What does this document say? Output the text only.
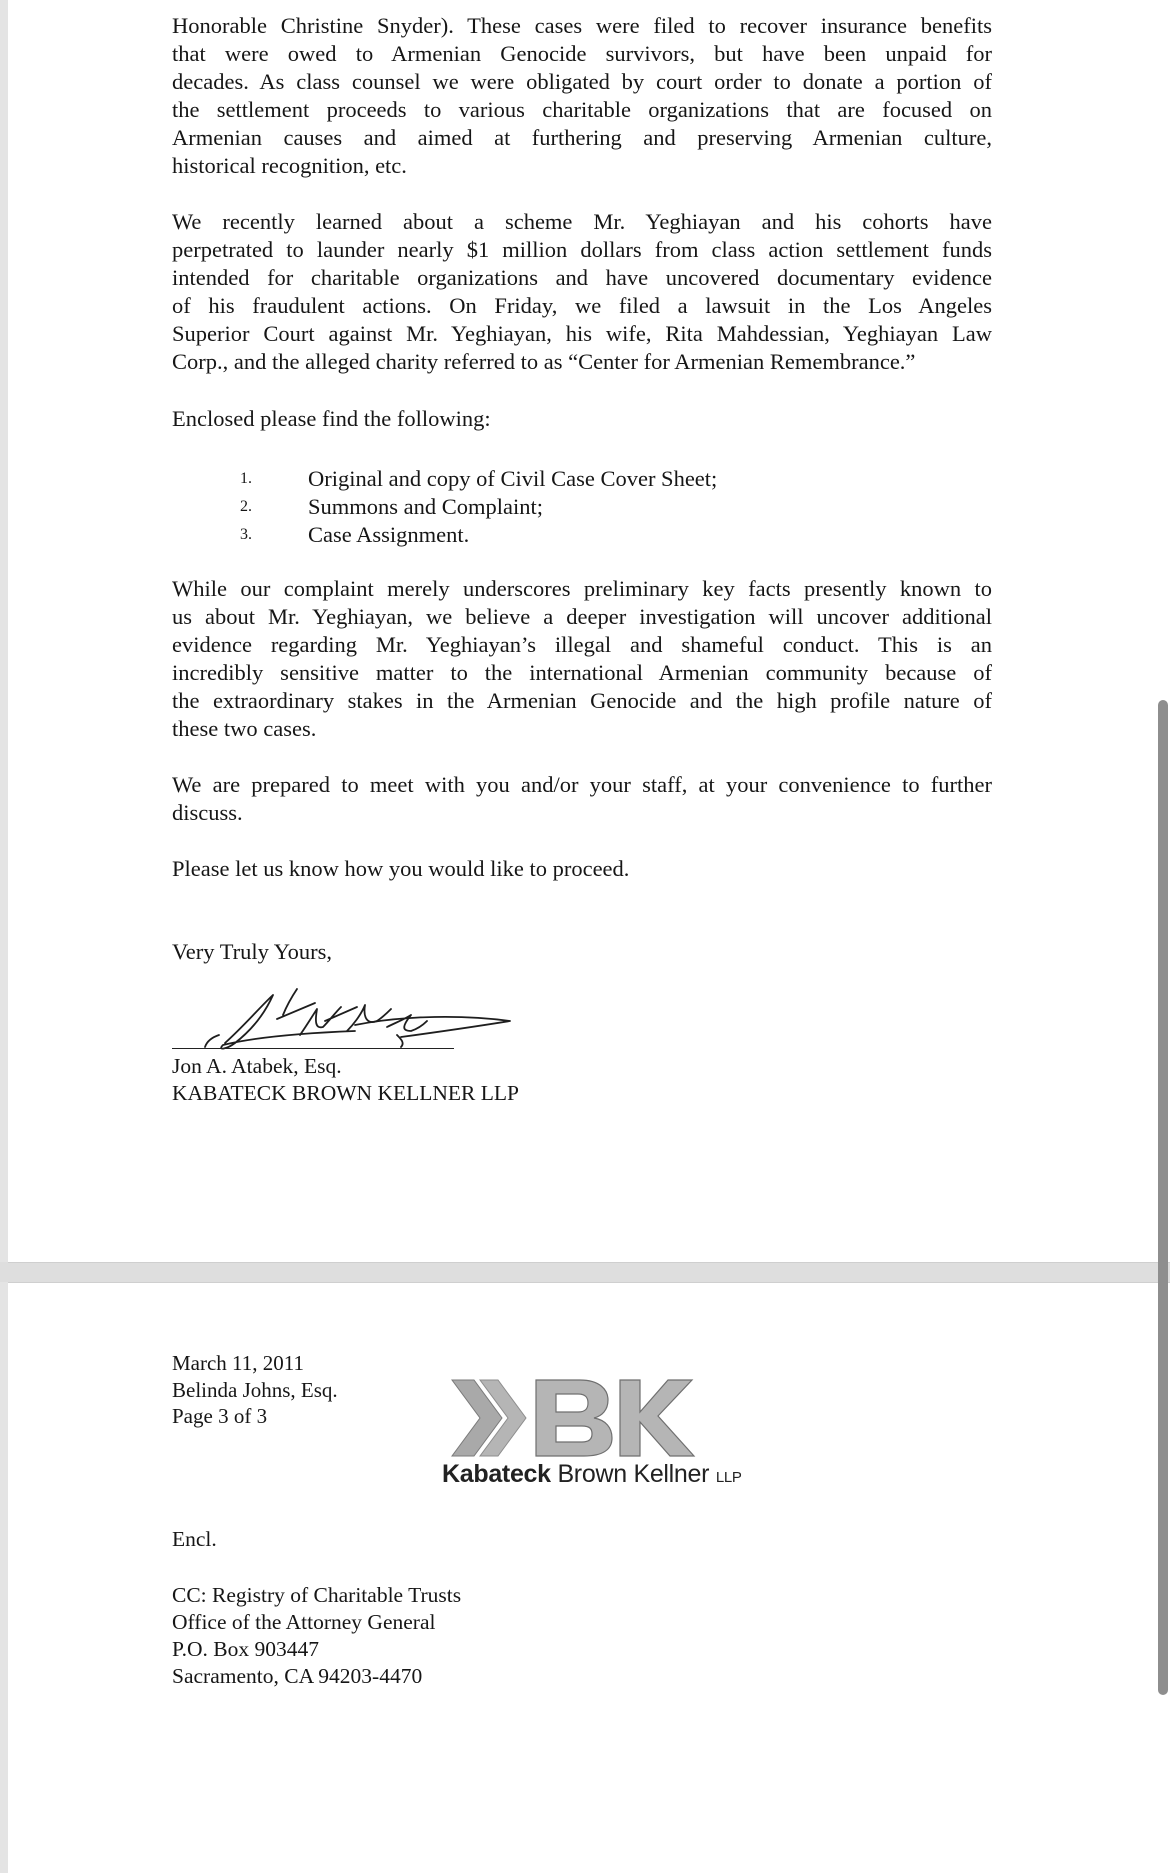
Honorable Christine Snyder). These cases were filed to recover insurance benefits
that were owed to Armenian Genocide survivors, but have been unpaid for
decades. As class counsel we were obligated by court order to donate a portion of
the settlement proceeds to various charitable organizations that are focused on
Armenian causes and aimed at furthering and preserving Armenian culture,
historical recognition, etc.
We recently learned about a scheme Mr. Yeghiayan and his cohorts have
perpetrated to launder nearly $1 million dollars from class action settlement funds
intended for charitable organizations and have uncovered documentary evidence
of his fraudulent actions. On Friday, we filed a lawsuit in the Los Angeles
Superior Court against Mr. Yeghiayan, his wife, Rita Mahdessian, Yeghiayan Law
Corp., and the alleged charity referred to as “Center for Armenian Remembrance.”
Enclosed please find the following:
1.	Original and copy of Civil Case Cover Sheet;
2.	Summons and Complaint;
3.	Case Assignment.
While our complaint merely underscores preliminary key facts presently known to
us about Mr. Yeghiayan, we believe a deeper investigation will uncover additional
evidence regarding Mr. Yeghiayan’s illegal and shameful conduct. This is an
incredibly sensitive matter to the international Armenian community because of
the extraordinary stakes in the Armenian Genocide and the high profile nature of
these two cases.
We are prepared to meet with you and/or your staff, at your convenience to further
discuss.
Please let us know how you would like to proceed.
Very Truly Yours,
Jon A. Atabek, Esq.
KABATECK BROWN KELLNER LLP
March 11, 2011
Belinda Johns, Esq.
Page 3 of 3
Kabateck Brown Kellner LLP
Encl.
CC: Registry of Charitable Trusts
Office of the Attorney General
P.O. Box 903447
Sacramento, CA 94203-4470
